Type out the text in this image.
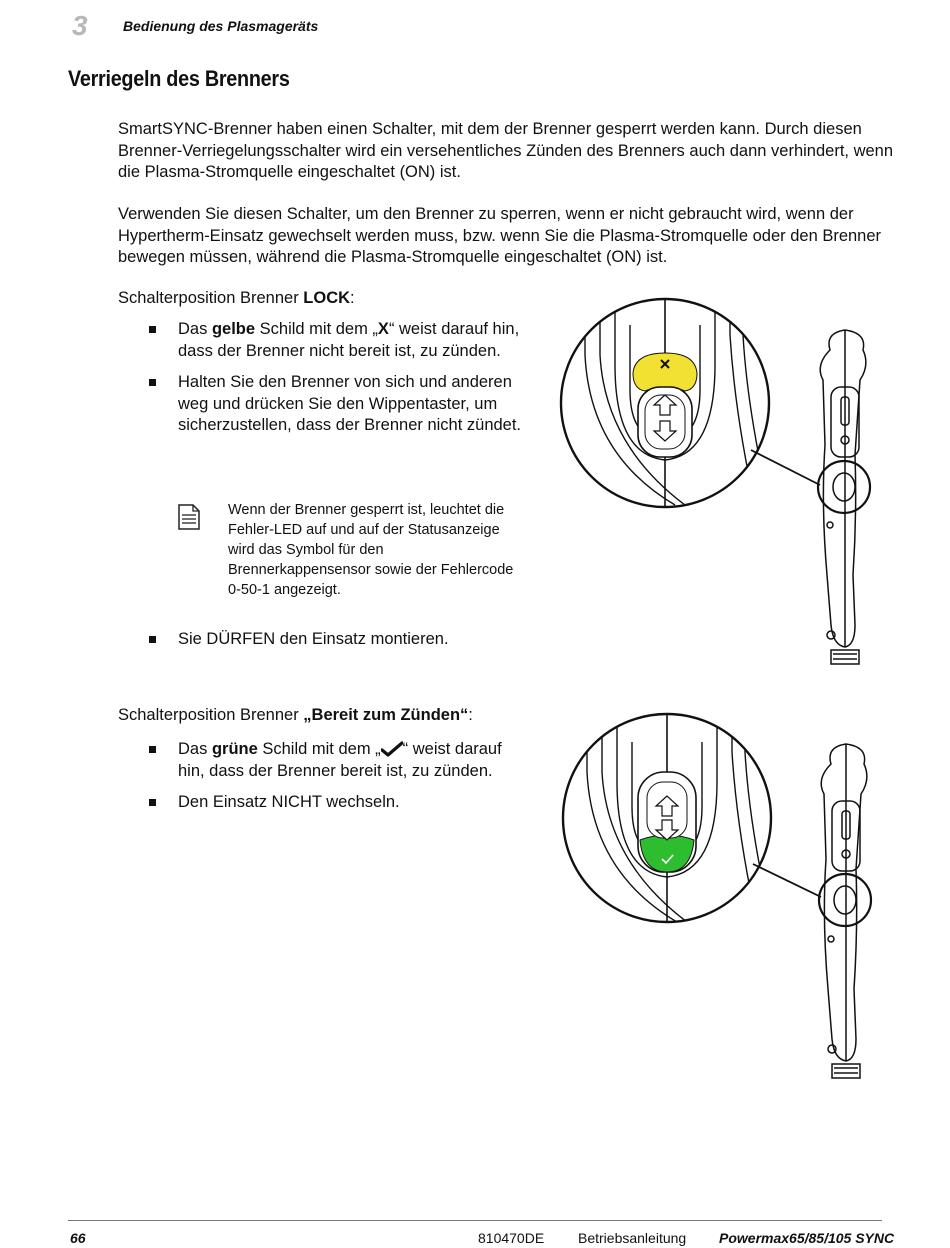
3	Bedienung des Plasmageräts
Verriegeln des Brenners
SmartSYNC-Brenner haben einen Schalter, mit dem der Brenner gesperrt werden kann. Durch diesen Brenner-Verriegelungsschalter wird ein versehentliches Zünden des Brenners auch dann verhindert, wenn die Plasma-Stromquelle eingeschaltet (ON) ist.
Verwenden Sie diesen Schalter, um den Brenner zu sperren, wenn er nicht gebraucht wird, wenn der Hypertherm-Einsatz gewechselt werden muss, bzw. wenn Sie die Plasma-Stromquelle oder den Brenner bewegen müssen, während die Plasma-Stromquelle eingeschaltet (ON) ist.
Schalterposition Brenner LOCK:
Das gelbe Schild mit dem „X“ weist darauf hin, dass der Brenner nicht bereit ist, zu zünden.
Halten Sie den Brenner von sich und anderen weg und drücken Sie den Wippentaster, um sicherzustellen, dass der Brenner nicht zündet.
Wenn der Brenner gesperrt ist, leuchtet die Fehler-LED auf und auf der Statusanzeige wird das Symbol für den Brennerkappensensor sowie der Fehlercode 0-50-1 angezeigt.
Sie DÜRFEN den Einsatz montieren.
Schalterposition Brenner „Bereit zum Zünden“:
Das grüne Schild mit dem „ “ weist darauf hin, dass der Brenner bereit ist, zu zünden.
Den Einsatz NICHT wechseln.
66	810470DE Betriebsanleitung Powermax65/85/105 SYNC
